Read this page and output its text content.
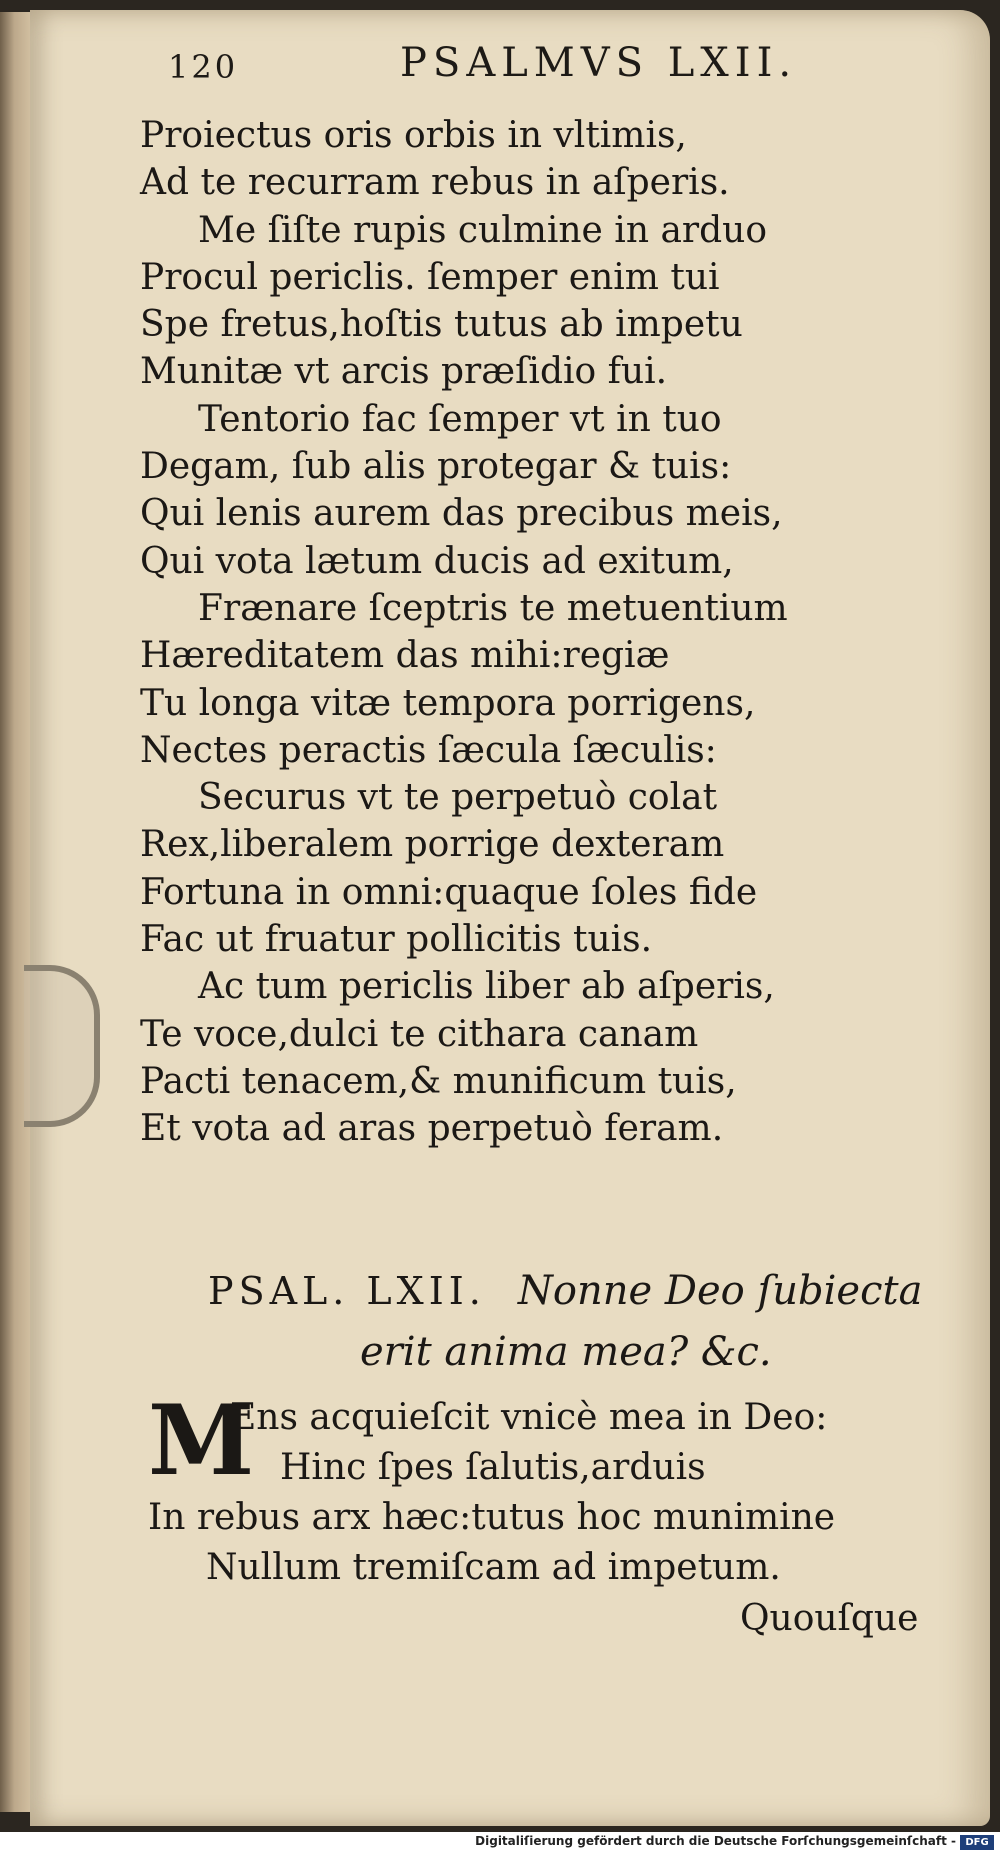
120	PSALMVS LXII.
Proiectus oris orbis in vltimis,
Ad te recurram rebus in aſperis.
Me ſiſte rupis culmine in arduo
Procul periclis. ſemper enim tui
Spe fretus,hoſtis tutus ab impetu
Munitæ vt arcis præſidio fui.
Tentorio fac ſemper vt in tuo
Degam, ſub alis protegar & tuis:
Qui lenis aurem das precibus meis,
Qui vota lætum ducis ad exitum,
Frænare ſceptris te metuentium
Hæreditatem das mihi:regiæ
Tu longa vitæ tempora porrigens,
Nectes peractis ſæcula ſæculis:
Securus vt te perpetuò colat
Rex,liberalem porrige dexteram
Fortuna in omni:quaque ſoles fide
Fac ut fruatur pollicitis tuis.
Ac tum periclis liber ab aſperis,
Te voce,dulci te cithara canam
Pacti tenacem,& munificum tuis,
Et vota ad aras perpetuò feram.
PSAL. LXII. Nonne Deo ſubiecta
erit anima mea? &c.
M
Ens acquieſcit vnicè mea in Deo:
Hinc ſpes ſalutis,arduis
In rebus arx hæc:tutus hoc munimine
Nullum tremiſcam ad impetum.
Quouſque
Digitaliſierung gefördert durch die Deutsche Forſchungsgemeinſchaft - DFG
